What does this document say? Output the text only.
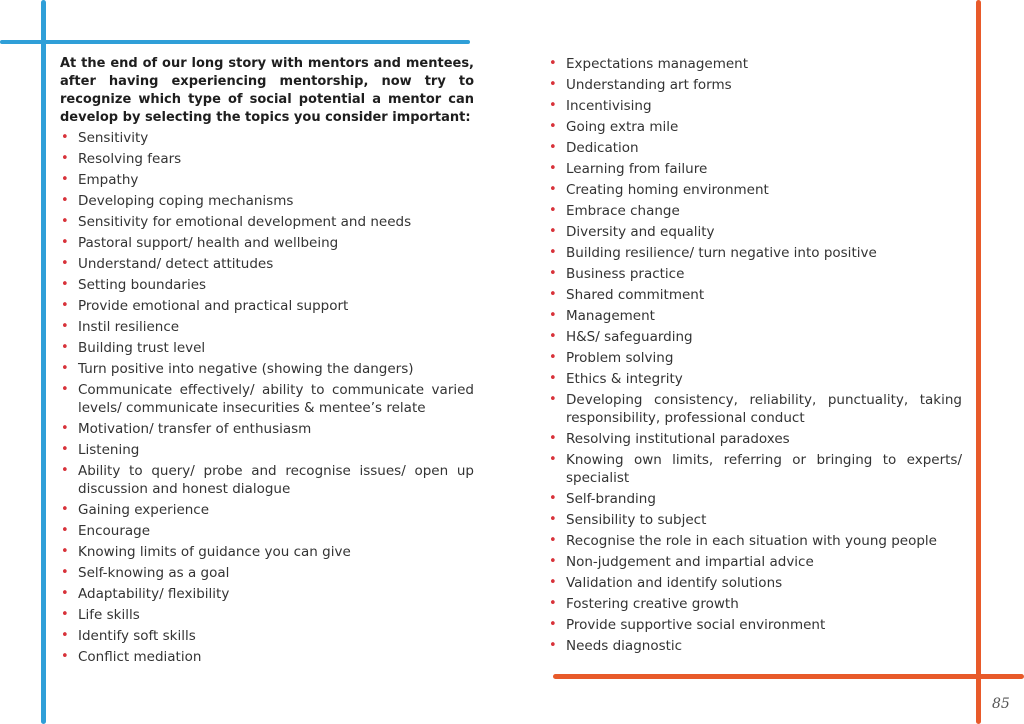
At the end of our long story with mentors and mentees, after having experiencing mentorship, now try to recognize which type of social potential a mentor can develop by selecting the topics you consider important:

• Sensitivity
• Resolving fears
• Empathy
• Developing coping mechanisms
• Sensitivity for emotional development and needs
• Pastoral support/ health and wellbeing
• Understand/ detect attitudes
• Setting boundaries
• Provide emotional and practical support
• Instil resilience
• Building trust level
• Turn positive into negative (showing the dangers)
• Communicate effectively/ ability to communicate varied levels/ communicate insecurities & mentee’s relate
• Motivation/ transfer of enthusiasm
• Listening
• Ability to query/ probe and recognise issues/ open up discussion and honest dialogue
• Gaining experience
• Encourage
• Knowing limits of guidance you can give
• Self-knowing as a goal
• Adaptability/ flexibility
• Life skills
• Identify soft skills
• Conflict mediation
• Expectations management
• Understanding art forms
• Incentivising
• Going extra mile
• Dedication
• Learning from failure
• Creating homing environment
• Embrace change
• Diversity and equality
• Building resilience/ turn negative into positive
• Business practice
• Shared commitment
• Management
• H&S/ safeguarding
• Problem solving
• Ethics & integrity
• Developing consistency, reliability, punctuality, taking responsibility, professional conduct
• Resolving institutional paradoxes
• Knowing own limits, referring or bringing to experts/ specialist
• Self-branding
• Sensibility to subject
• Recognise the role in each situation with young people
• Non-judgement and impartial advice
• Validation and identify solutions
• Fostering creative growth
• Provide supportive social environment
• Needs diagnostic
85
